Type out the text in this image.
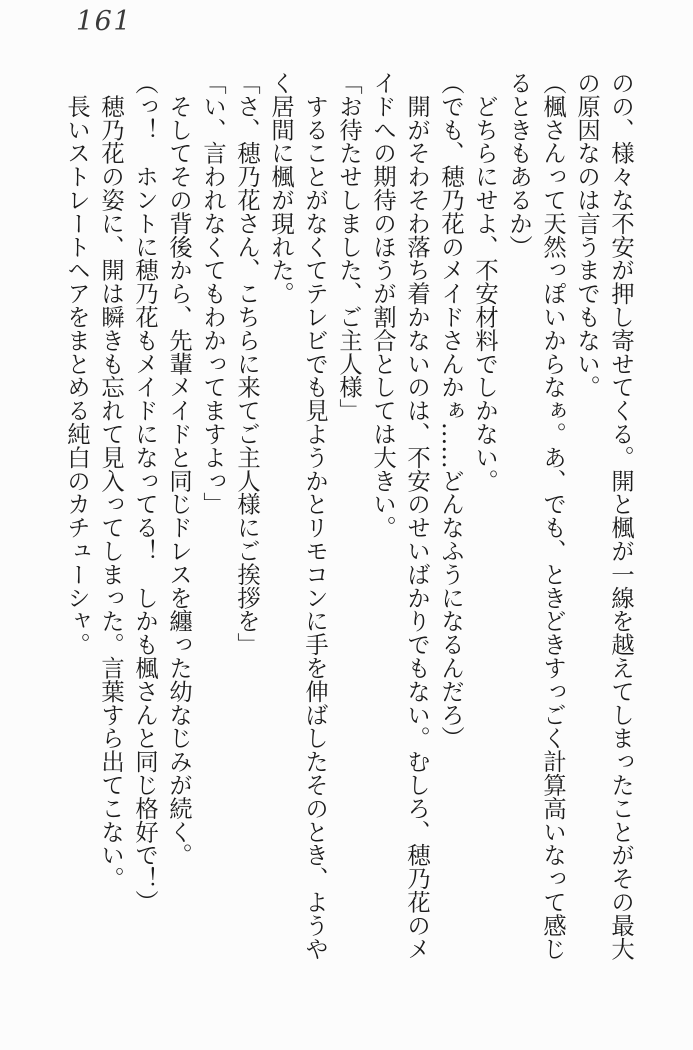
161
のの、様々な不安が押し寄せてくる。開と楓が一線を越えてしまったことがその最大
の原因なのは言うまでもない。
（楓さんって天然っぽいからなぁ。あ、でも、ときどきすっごく計算高いなって感じ
るときもあるか）
　どちらにせよ、不安材料でしかない。
（でも、穂乃花のメイドさんかぁ……どんなふうになるんだろ）
　開がそわそわ落ち着かないのは、不安のせいばかりでもない。むしろ、穂乃花のメ
イドへの期待のほうが割合としては大きい。
「お待たせしました、ご主人様」
　することがなくてテレビでも見ようかとリモコンに手を伸ばしたそのとき、ようや
く居間に楓が現れた。
「さ、穂乃花さん、こちらに来てご主人様にご挨拶を」
「い、言われなくてもわかってますよっ」
　そしてその背後から、先輩メイドと同じドレスを纏った幼なじみが続く。
（っ！　ホントに穂乃花もメイドになってる！　しかも楓さんと同じ格好で！）
　穂乃花の姿に、開は瞬きも忘れて見入ってしまった。言葉すら出てこない。
　長いストレートヘアをまとめる純白のカチューシャ。
